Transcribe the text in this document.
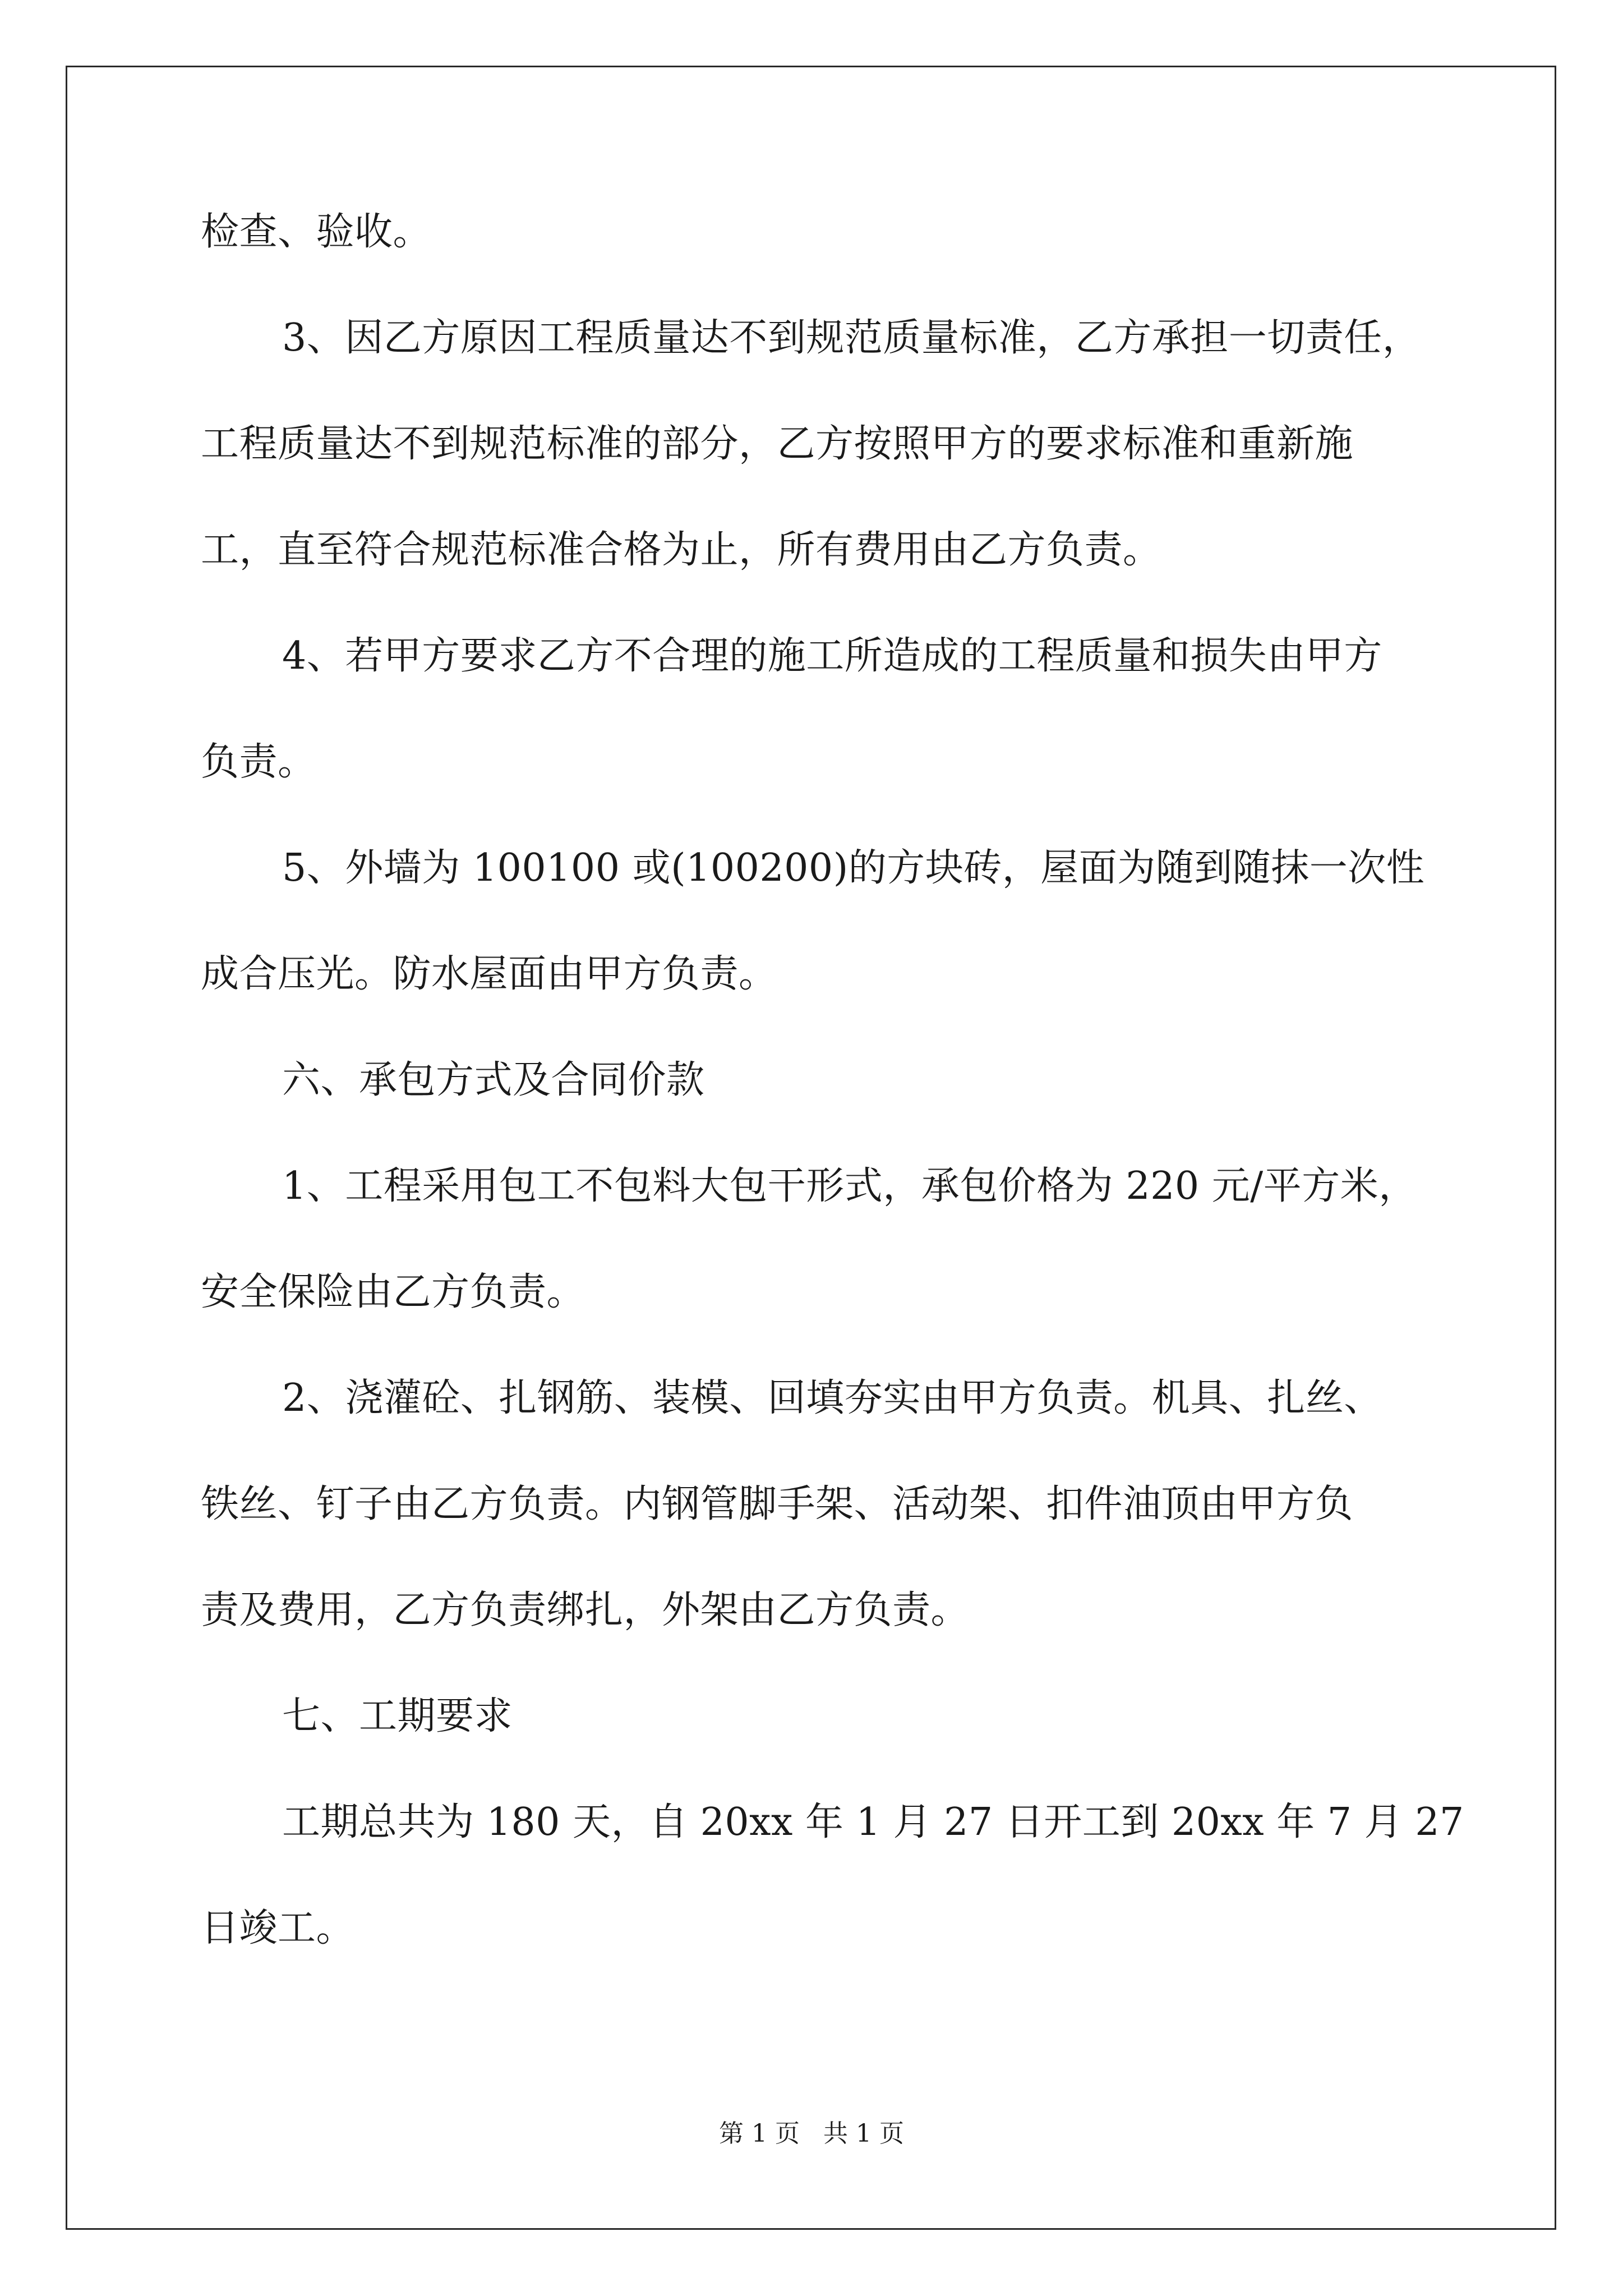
检查、验收。
3、因乙方原因工程质量达不到规范质量标准，乙方承担一切责任，
工程质量达不到规范标准的部分，乙方按照甲方的要求标准和重新施
工，直至符合规范标准合格为止，所有费用由乙方负责。
4、若甲方要求乙方不合理的施工所造成的工程质量和损失由甲方
负责。
5、外墙为 100100 或(100200)的方块砖，屋面为随到随抹一次性
成合压光。防水屋面由甲方负责。
六、承包方式及合同价款
1、工程采用包工不包料大包干形式，承包价格为 220 元/平方米，
安全保险由乙方负责。
2、浇灌砼、扎钢筋、装模、回填夯实由甲方负责。机具、扎丝、
铁丝、钉子由乙方负责。内钢管脚手架、活动架、扣件油顶由甲方负
责及费用，乙方负责绑扎，外架由乙方负责。
七、工期要求
工期总共为 180 天，自 20xx 年 1 月 27 日开工到 20xx 年 7 月 27
日竣工。
第 1 页   共 1 页
